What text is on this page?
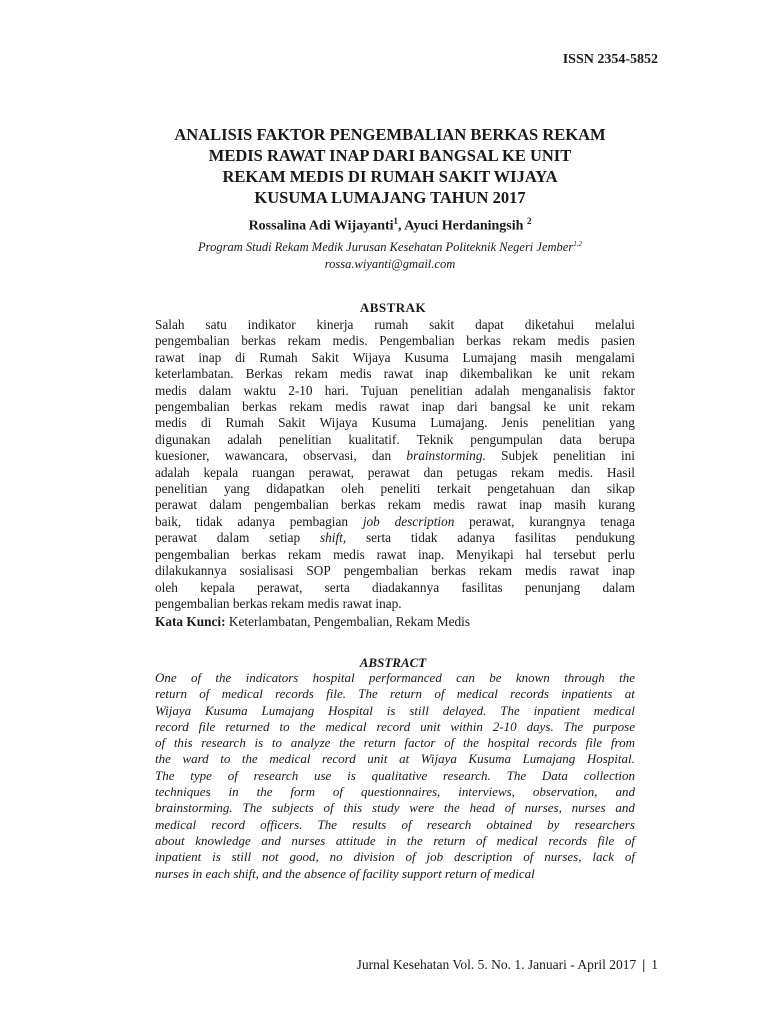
ISSN 2354-5852
ANALISIS FAKTOR PENGEMBALIAN BERKAS REKAM
MEDIS RAWAT INAP DARI BANGSAL KE UNIT
REKAM MEDIS DI RUMAH SAKIT WIJAYA
KUSUMA LUMAJANG TAHUN 2017
Rossalina Adi Wijayanti$^1$, Ayuci Herdaningsih $^2$
Program Studi Rekam Medik Jurusan Kesehatan Politeknik Negeri Jember$^{1,2}$
rossa.wiyanti@gmail.com
ABSTRAK
Salah satu indikator kinerja rumah sakit dapat diketahui melalui
pengembalian berkas rekam medis. Pengembalian berkas rekam medis pasien
rawat inap di Rumah Sakit Wijaya Kusuma Lumajang masih mengalami
keterlambatan. Berkas rekam medis rawat inap dikembalikan ke unit rekam
medis dalam waktu 2-10 hari. Tujuan penelitian adalah menganalisis faktor
pengembalian berkas rekam medis rawat inap dari bangsal ke unit rekam
medis di Rumah Sakit Wijaya Kusuma Lumajang. Jenis penelitian yang
digunakan adalah penelitian kualitatif. Teknik pengumpulan data berupa
kuesioner, wawancara, observasi, dan brainstorming. Subjek penelitian ini
adalah kepala ruangan perawat, perawat dan petugas rekam medis. Hasil
penelitian yang didapatkan oleh peneliti terkait pengetahuan dan sikap
perawat dalam pengembalian berkas rekam medis rawat inap masih kurang
baik, tidak adanya pembagian job description perawat, kurangnya tenaga
perawat dalam setiap shift, serta tidak adanya fasilitas pendukung
pengembalian berkas rekam medis rawat inap. Menyikapi hal tersebut perlu
dilakukannya sosialisasi SOP pengembalian berkas rekam medis rawat inap
oleh kepala perawat, serta diadakannya fasilitas penunjang dalam
pengembalian berkas rekam medis rawat inap.
Kata Kunci: Keterlambatan, Pengembalian, Rekam Medis
ABSTRACT
One of the indicators hospital performanced can be known through the
return of medical records file. The return of medical records inpatients at
Wijaya Kusuma Lumajang Hospital is still delayed. The inpatient medical
record file returned to the medical record unit within 2-10 days. The purpose
of this research is to analyze the return factor of the hospital records file from
the ward to the medical record unit at Wijaya Kusuma Lumajang Hospital.
The type of research use is qualitative research. The Data collection
techniques in the form of questionnaires, interviews, observation, and
brainstorming. The subjects of this study were the head of nurses, nurses and
medical record officers. The results of research obtained by researchers
about knowledge and nurses attitude in the return of medical records file of
inpatient is still not good, no division of job description of nurses, lack of
nurses in each shift, and the absence of facility support return of medical
Jurnal Kesehatan Vol. 5. No. 1. Januari - April 2017 | 1
